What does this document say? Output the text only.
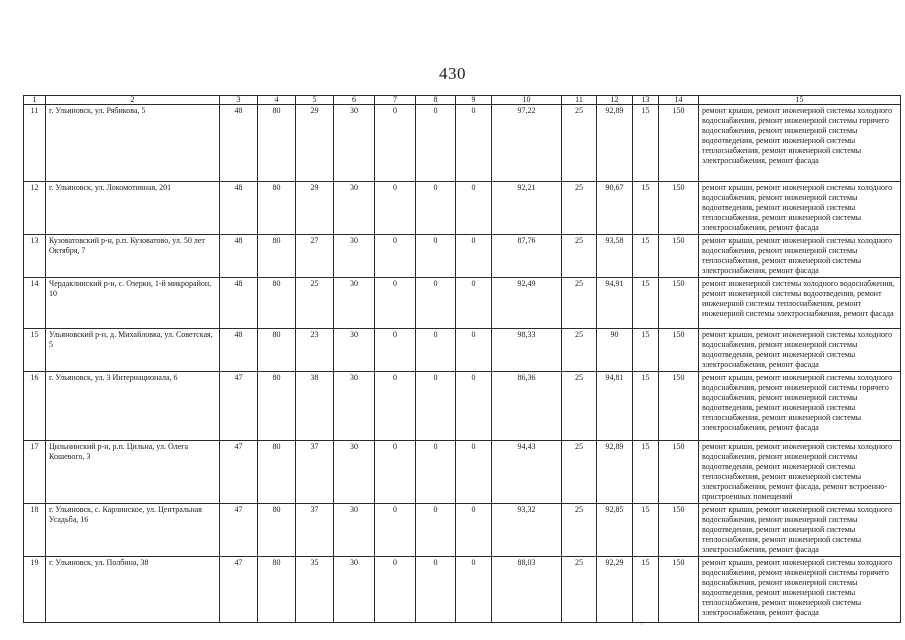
430
1	2	3	4	5	6	7	8	9	10	11	12	13	14	15
11	г. Ульяновск, ул. Рябикова, 5	48	80	29	30	0	0	0	97,22	25	92,89	15	150	ремонт крыши, ремонт инженерной системы холодного водоснабжения, ремонт инженерной системы горячего водоснабжения, ремонт инженерной системы водоотведения, ремонт инженерной системы теплоснабжения, ремонт инженерной системы электроснабжения, ремонт фасада
12	г. Ульяновск, ул. Локомотивная, 201	48	80	29	30	0	0	0	92,21	25	90,67	15	150	ремонт крыши, ремонт инженерной системы холодного водоснабжения, ремонт инженерной системы водоотведения, ремонт инженерной системы теплоснабжения, ремонт инженерной системы электроснабжения, ремонт фасада
13	Кузоватовский р-н, р.п. Кузоватово, ул. 50 лет Октября, 7	48	80	27	30	0	0	0	87,76	25	93,58	15	150	ремонт крыши, ремонт инженерной системы холодного водоснабжения, ремонт инженерной системы теплоснабжения, ремонт инженерной системы электроснабжения, ремонт фасада
14	Чердаклинский р-н, с. Озерки, 1-й микрорайон, 10	48	80	25	30	0	0	0	92,49	25	94,91	15	150	ремонт инженерной системы холодного водоснабжения, ремонт инженерной системы водоотведения, ремонт инженерной системы теплоснабжения, ремонт инженерной системы электроснабжения, ремонт фасада
15	Ульяновский р-н, д. Михайловка, ул. Советская, 5	48	80	23	30	0	0	0	98,33	25	90	15	150	ремонт крыши, ремонт инженерной системы холодного водоснабжения, ремонт инженерной системы водоотведения, ремонт инженерной системы электроснабжения, ремонт фасада
16	г. Ульяновск, ул. 3 Интернационала, 6	47	80	38	30	0	0	0	86,36	25	94,81	15	150	ремонт крыши, ремонт инженерной системы холодного водоснабжения, ремонт инженерной системы горячего водоснабжения, ремонт инженерной системы водоотведения, ремонт инженерной системы теплоснабжения, ремонт инженерной системы электроснабжения, ремонт фасада
17	Цильнинский р-н, р.п. Цильна, ул. Олега Кошевого, 3	47	80	37	30	0	0	0	94,43	25	92,89	15	150	ремонт крыши, ремонт инженерной системы холодного водоснабжения, ремонт инженерной системы водоотведения, ремонт инженерной системы теплоснабжения, ремонт инженерной системы электроснабжения, ремонт фасада, ремонт встроенно-пристроенных помещений
18	г. Ульяновск, с. Карлинское, ул. Центральная Усадьба, 16	47	80	37	30	0	0	0	93,32	25	92,85	15	150	ремонт крыши, ремонт инженерной системы холодного водоснабжения, ремонт инженерной системы водоотведения, ремонт инженерной системы теплоснабжения, ремонт инженерной системы электроснабжения, ремонт фасада
19	г. Ульяновск, ул. Полбина, 38	47	80	35	30	0	0	0	88,03	25	92,29	15	150	ремонт крыши, ремонт инженерной системы холодного водоснабжения, ремонт инженерной системы горячего водоснабжения, ремонт инженерной системы водоотведения, ремонт инженерной системы теплоснабжения, ремонт инженерной системы электроснабжения, ремонт фасада
·
·
